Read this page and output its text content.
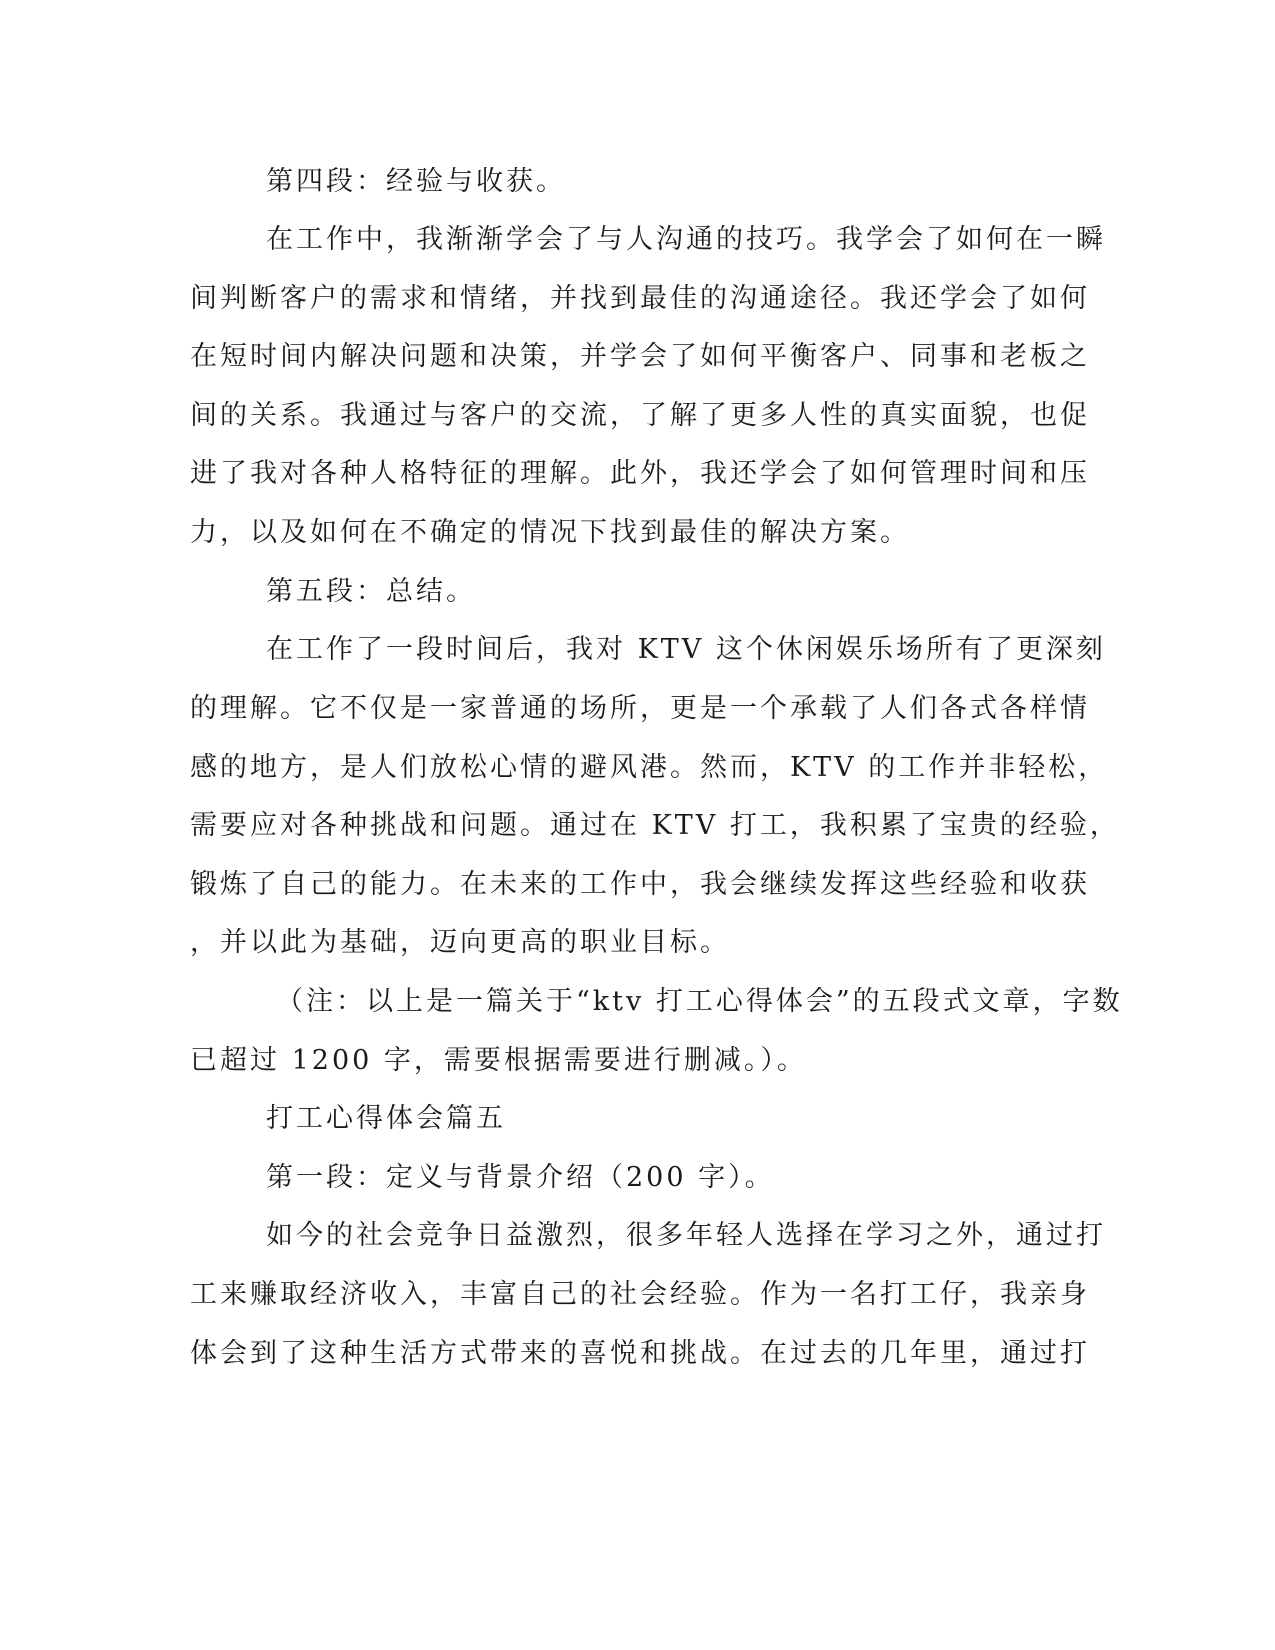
第四段：经验与收获。
在工作中，我渐渐学会了与人沟通的技巧。我学会了如何在一瞬
间判断客户的需求和情绪，并找到最佳的沟通途径。我还学会了如何
在短时间内解决问题和决策，并学会了如何平衡客户、同事和老板之
间的关系。我通过与客户的交流，了解了更多人性的真实面貌，也促
进了我对各种人格特征的理解。此外，我还学会了如何管理时间和压
力，以及如何在不确定的情况下找到最佳的解决方案。
第五段：总结。
在工作了一段时间后，我对 KTV 这个休闲娱乐场所有了更深刻
的理解。它不仅是一家普通的场所，更是一个承载了人们各式各样情
感的地方，是人们放松心情的避风港。然而，KTV 的工作并非轻松，
需要应对各种挑战和问题。通过在 KTV 打工，我积累了宝贵的经验，
锻炼了自己的能力。在未来的工作中，我会继续发挥这些经验和收获
，并以此为基础，迈向更高的职业目标。
（注：以上是一篇关于“ktv 打工心得体会”的五段式文章，字数
已超过 1200 字，需要根据需要进行删减。）。
打工心得体会篇五
第一段：定义与背景介绍（200 字）。
如今的社会竞争日益激烈，很多年轻人选择在学习之外，通过打
工来赚取经济收入，丰富自己的社会经验。作为一名打工仔，我亲身
体会到了这种生活方式带来的喜悦和挑战。在过去的几年里，通过打
